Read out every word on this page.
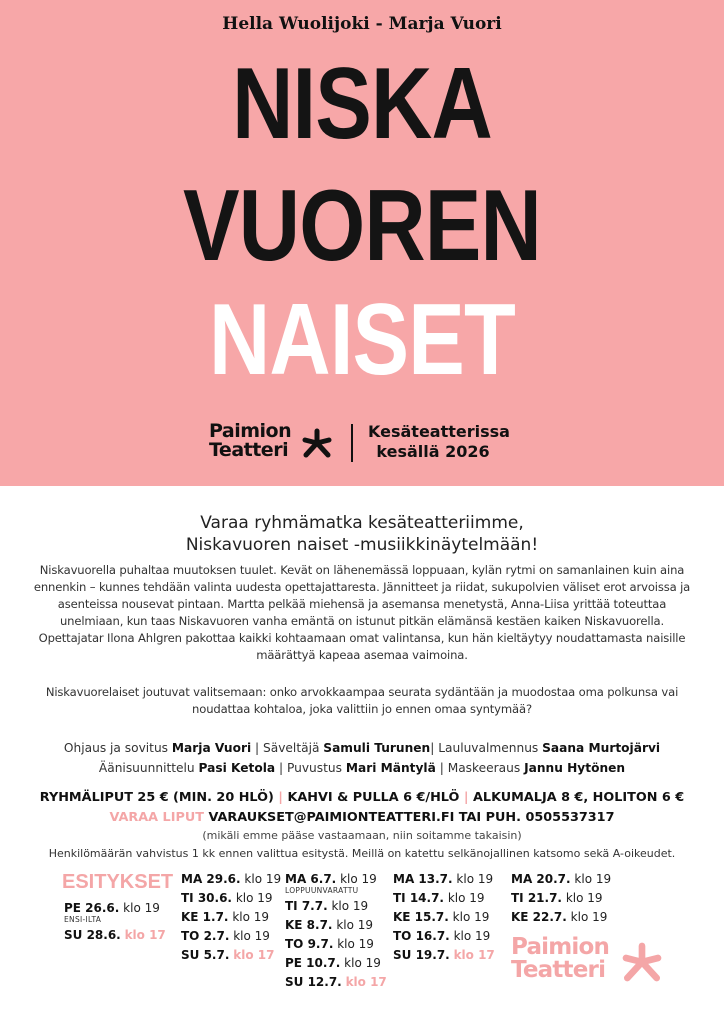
Hella Wuolijoki - Marja Vuori
NISKA
VUOREN
NAISET
Paimion
Teatteri
Kesäteatterissa
kesällä 2026
Varaa ryhmämatka kesäteatteriimme,
Niskavuoren naiset -musiikkinäytelmään!
Niskavuorella puhaltaa muutoksen tuulet. Kevät on lähenemässä loppuaan, kylän rytmi on samanlainen kuin aina ennenkin – kunnes tehdään valinta uudesta opettajattaresta. Jännitteet ja riidat, sukupolvien väliset erot arvoissa ja asenteissa nousevat pintaan. Martta pelkää miehensä ja asemansa menetystä, Anna-Liisa yrittää toteuttaa unelmiaan, kun taas Niskavuoren vanha emäntä on istunut pitkän elämänsä kestäen kaiken Niskavuorella. Opettajatar Ilona Ahlgren pakottaa kaikki kohtaamaan omat valintansa, kun hän kieltäytyy noudattamasta naisille määrättyä kapeaa asemaa vaimoina.
Niskavuorelaiset joutuvat valitsemaan: onko arvokkaampaa seurata sydäntään ja muodostaa oma polkunsa vai noudattaa kohtaloa, joka valittiin jo ennen omaa syntymää?
Ohjaus ja sovitus Marja Vuori | Säveltäjä Samuli Turunen| Lauluvalmennus Saana Murtojärvi
Äänisuunnittelu Pasi Ketola | Puvustus Mari Mäntylä | Maskeeraus Jannu Hytönen
RYHMÄLIPUT 25 € (MIN. 20 HLÖ) | KAHVI & PULLA 6 €/HLÖ | ALKUMALJA 8 €, HOLITON 6 €
VARAA LIPUT VARAUKSET@PAIMIONTEATTERI.FI TAI PUH. 0505537317
(mikäli emme pääse vastaamaan, niin soitamme takaisin)
Henkilömäärän vahvistus 1 kk ennen valittua esitystä. Meillä on katettu selkänojallinen katsomo sekä A-oikeudet.
ESITYKSET
PE 26.6. klo 19
ENSI-ILTA
SU 28.6. klo 17
MA 29.6. klo 19
TI 30.6. klo 19
KE 1.7. klo 19
TO 2.7. klo 19
SU 5.7. klo 17
MA 6.7. klo 19
LOPPUUNVARATTU
TI 7.7. klo 19
KE 8.7. klo 19
TO 9.7. klo 19
PE 10.7. klo 19
SU 12.7. klo 17
MA 13.7. klo 19
TI 14.7. klo 19
KE 15.7. klo 19
TO 16.7. klo 19
SU 19.7. klo 17
MA 20.7. klo 19
TI 21.7. klo 19
KE 22.7. klo 19
Paimion
Teatteri
